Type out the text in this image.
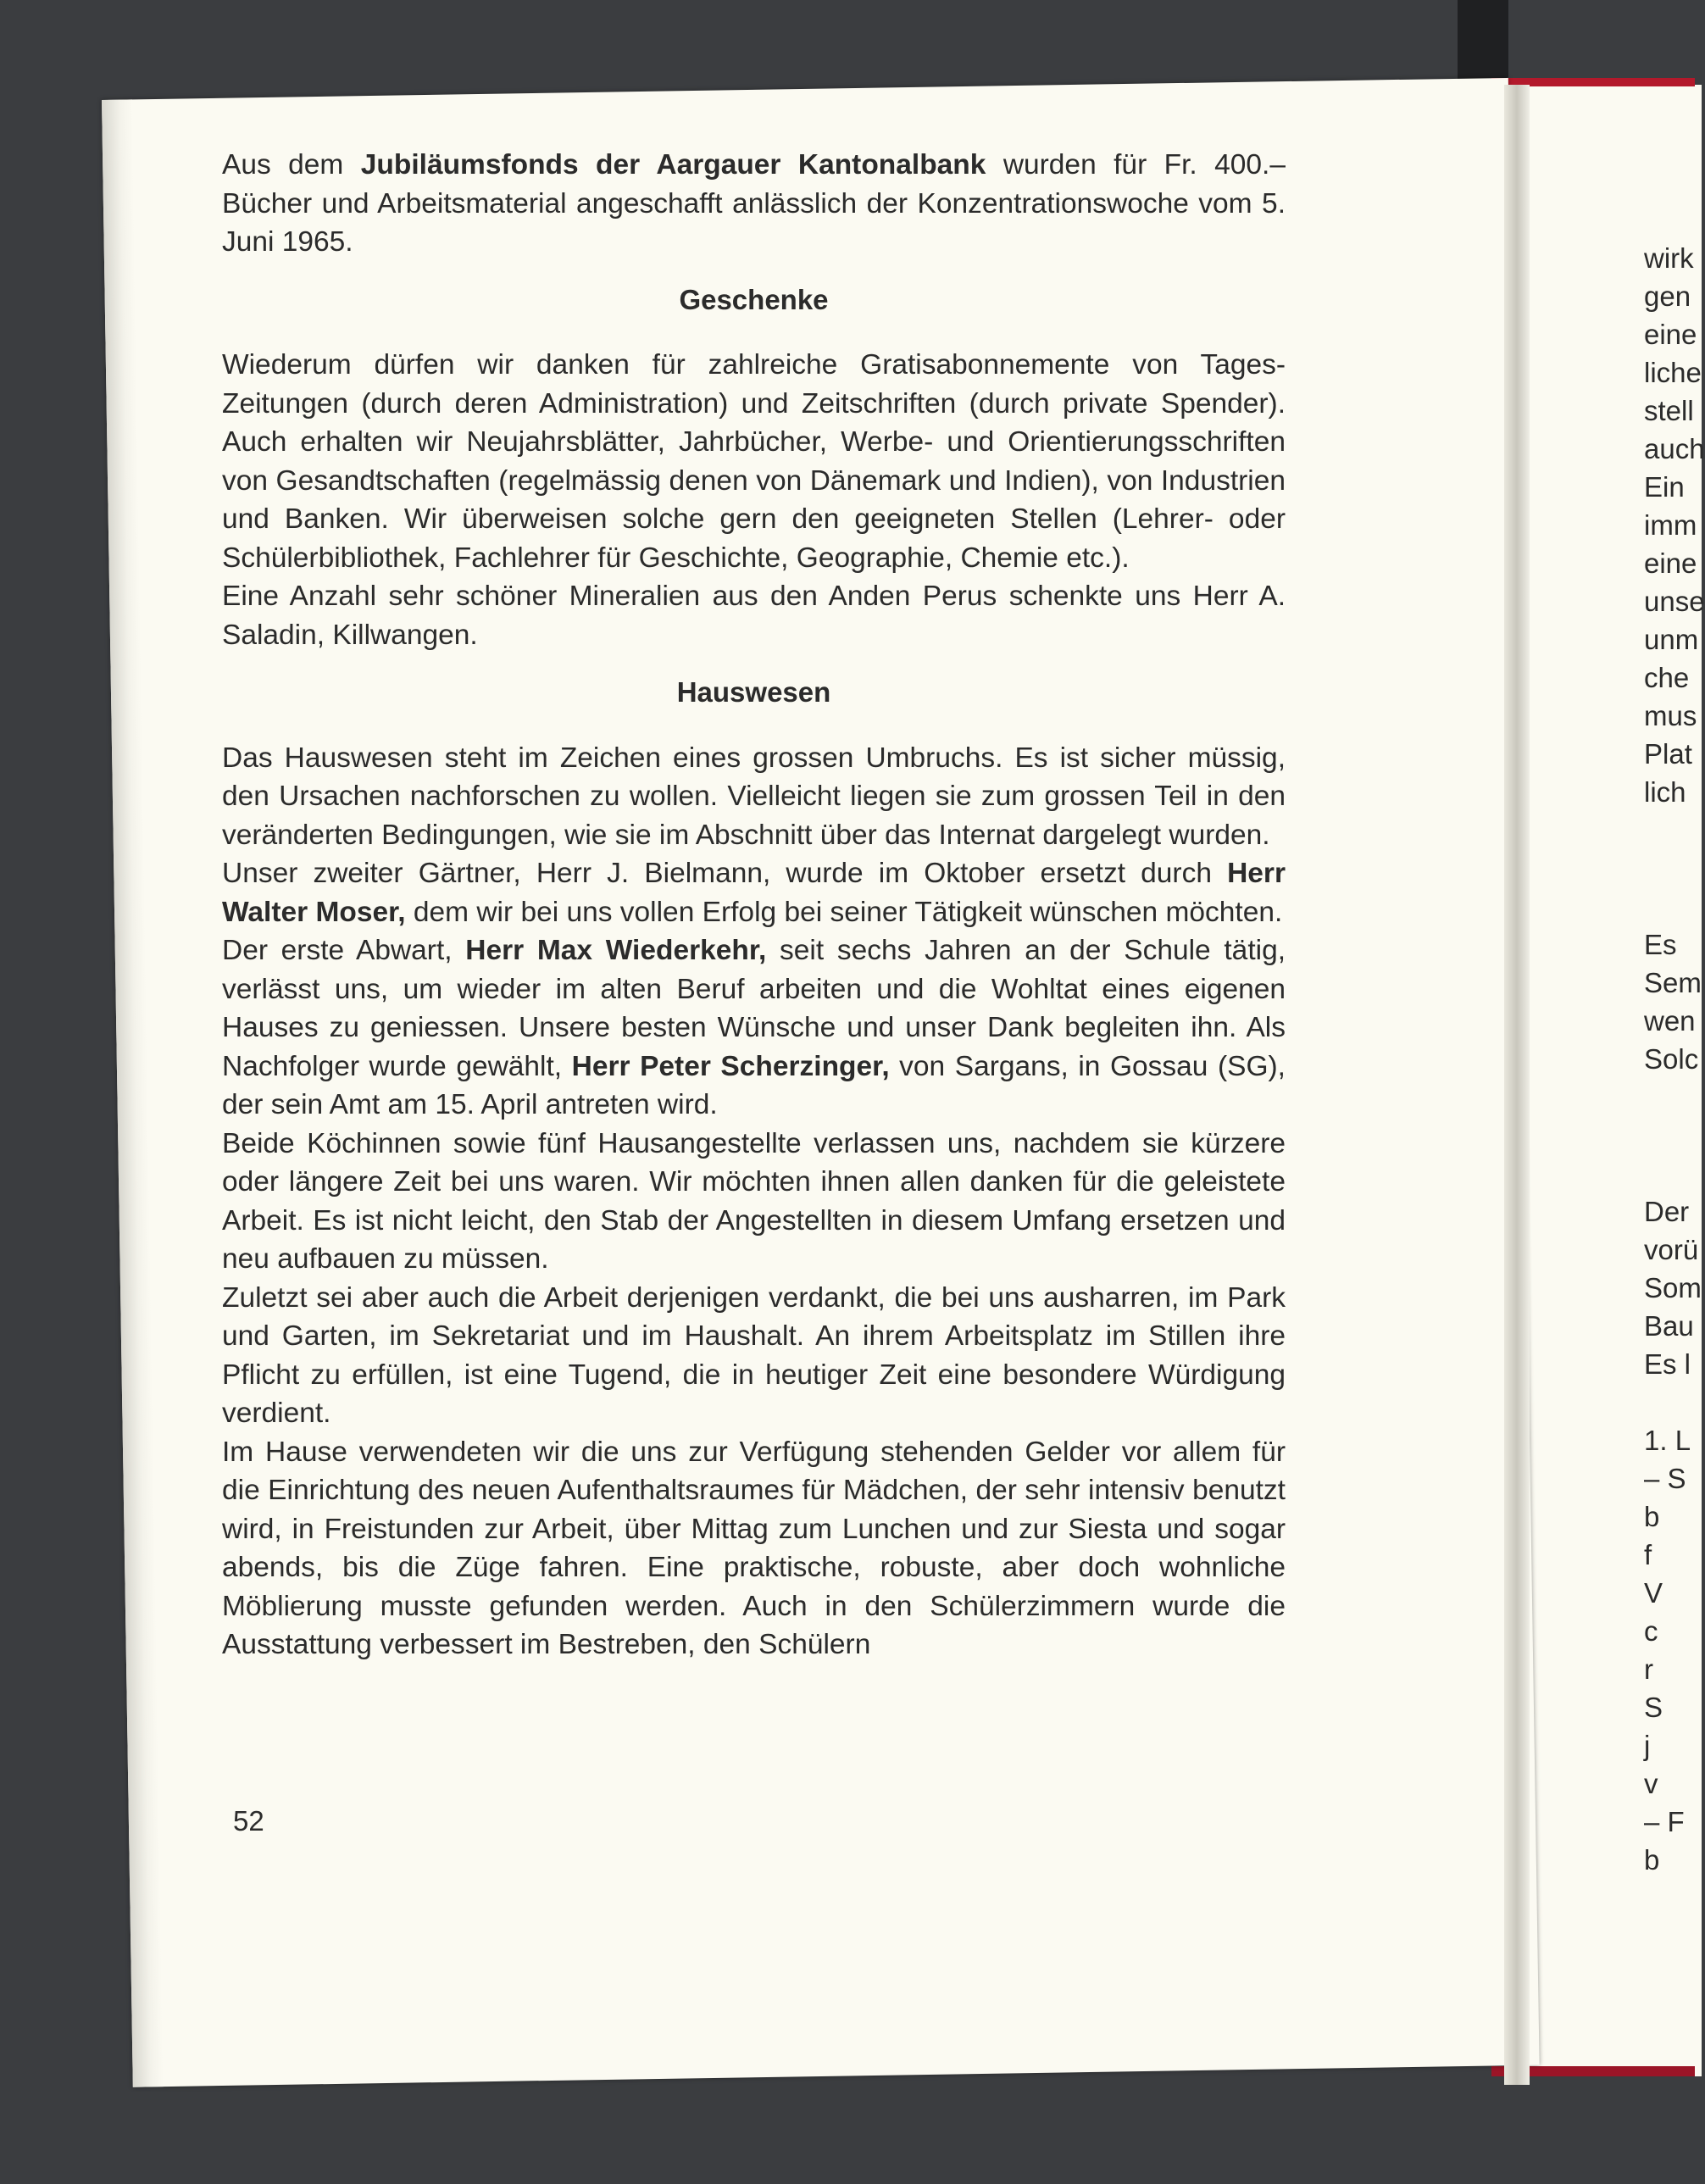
Aus dem Jubiläumsfonds der Aargauer Kantonalbank wurden für Fr. 400.– Bücher und Arbeitsmaterial angeschafft anlässlich der Konzentrationswoche vom 5. Juni 1965.

Geschenke

Wiederum dürfen wir danken für zahlreiche Gratisabonnemente von Tages-Zeitungen (durch deren Administration) und Zeitschriften (durch private Spender). Auch erhalten wir Neujahrsblätter, Jahrbücher, Werbe- und Orientierungsschriften von Gesandtschaften (regelmässig denen von Dänemark und Indien), von Industrien und Banken. Wir überweisen solche gern den geeigneten Stellen (Lehrer- oder Schülerbibliothek, Fachlehrer für Geschichte, Geographie, Chemie etc.).

Eine Anzahl sehr schöner Mineralien aus den Anden Perus schenkte uns Herr A. Saladin, Killwangen.

Hauswesen

Das Hauswesen steht im Zeichen eines grossen Umbruchs. Es ist sicher müssig, den Ursachen nachforschen zu wollen. Vielleicht liegen sie zum grossen Teil in den veränderten Bedingungen, wie sie im Abschnitt über das Internat dargelegt wurden.

Unser zweiter Gärtner, Herr J. Bielmann, wurde im Oktober ersetzt durch Herr Walter Moser, dem wir bei uns vollen Erfolg bei seiner Tätigkeit wünschen möchten.

Der erste Abwart, Herr Max Wiederkehr, seit sechs Jahren an der Schule tätig, verlässt uns, um wieder im alten Beruf arbeiten und die Wohltat eines eigenen Hauses zu geniessen. Unsere besten Wünsche und unser Dank begleiten ihn. Als Nachfolger wurde gewählt, Herr Peter Scherzinger, von Sargans, in Gossau (SG), der sein Amt am 15. April antreten wird.

Beide Köchinnen sowie fünf Hausangestellte verlassen uns, nachdem sie kürzere oder längere Zeit bei uns waren. Wir möchten ihnen allen danken für die geleistete Arbeit. Es ist nicht leicht, den Stab der Angestellten in diesem Umfang ersetzen und neu aufbauen zu müssen.

Zuletzt sei aber auch die Arbeit derjenigen verdankt, die bei uns ausharren, im Park und Garten, im Sekretariat und im Haushalt. An ihrem Arbeitsplatz im Stillen ihre Pflicht zu erfüllen, ist eine Tugend, die in heutiger Zeit eine besondere Würdigung verdient.

Im Hause verwendeten wir die uns zur Verfügung stehenden Gelder vor allem für die Einrichtung des neuen Aufenthaltsraumes für Mädchen, der sehr intensiv benutzt wird, in Freistunden zur Arbeit, über Mittag zum Lunchen und zur Siesta und sogar abends, bis die Züge fahren. Eine praktische, robuste, aber doch wohnliche Möblierung musste gefunden werden. Auch in den Schülerzimmern wurde die Ausstattung verbessert im Bestreben, den Schülern

52
wirk
gen
eine
liche
stell
auch
Ein
imm
eine
unse
unm
che
mus
Plat
lich
Es
Sem
wen
Solc
Der
vorü
Som
Bau
Es l
1. L
– S
b
f
V
c
r
S
j
v
– F
b
